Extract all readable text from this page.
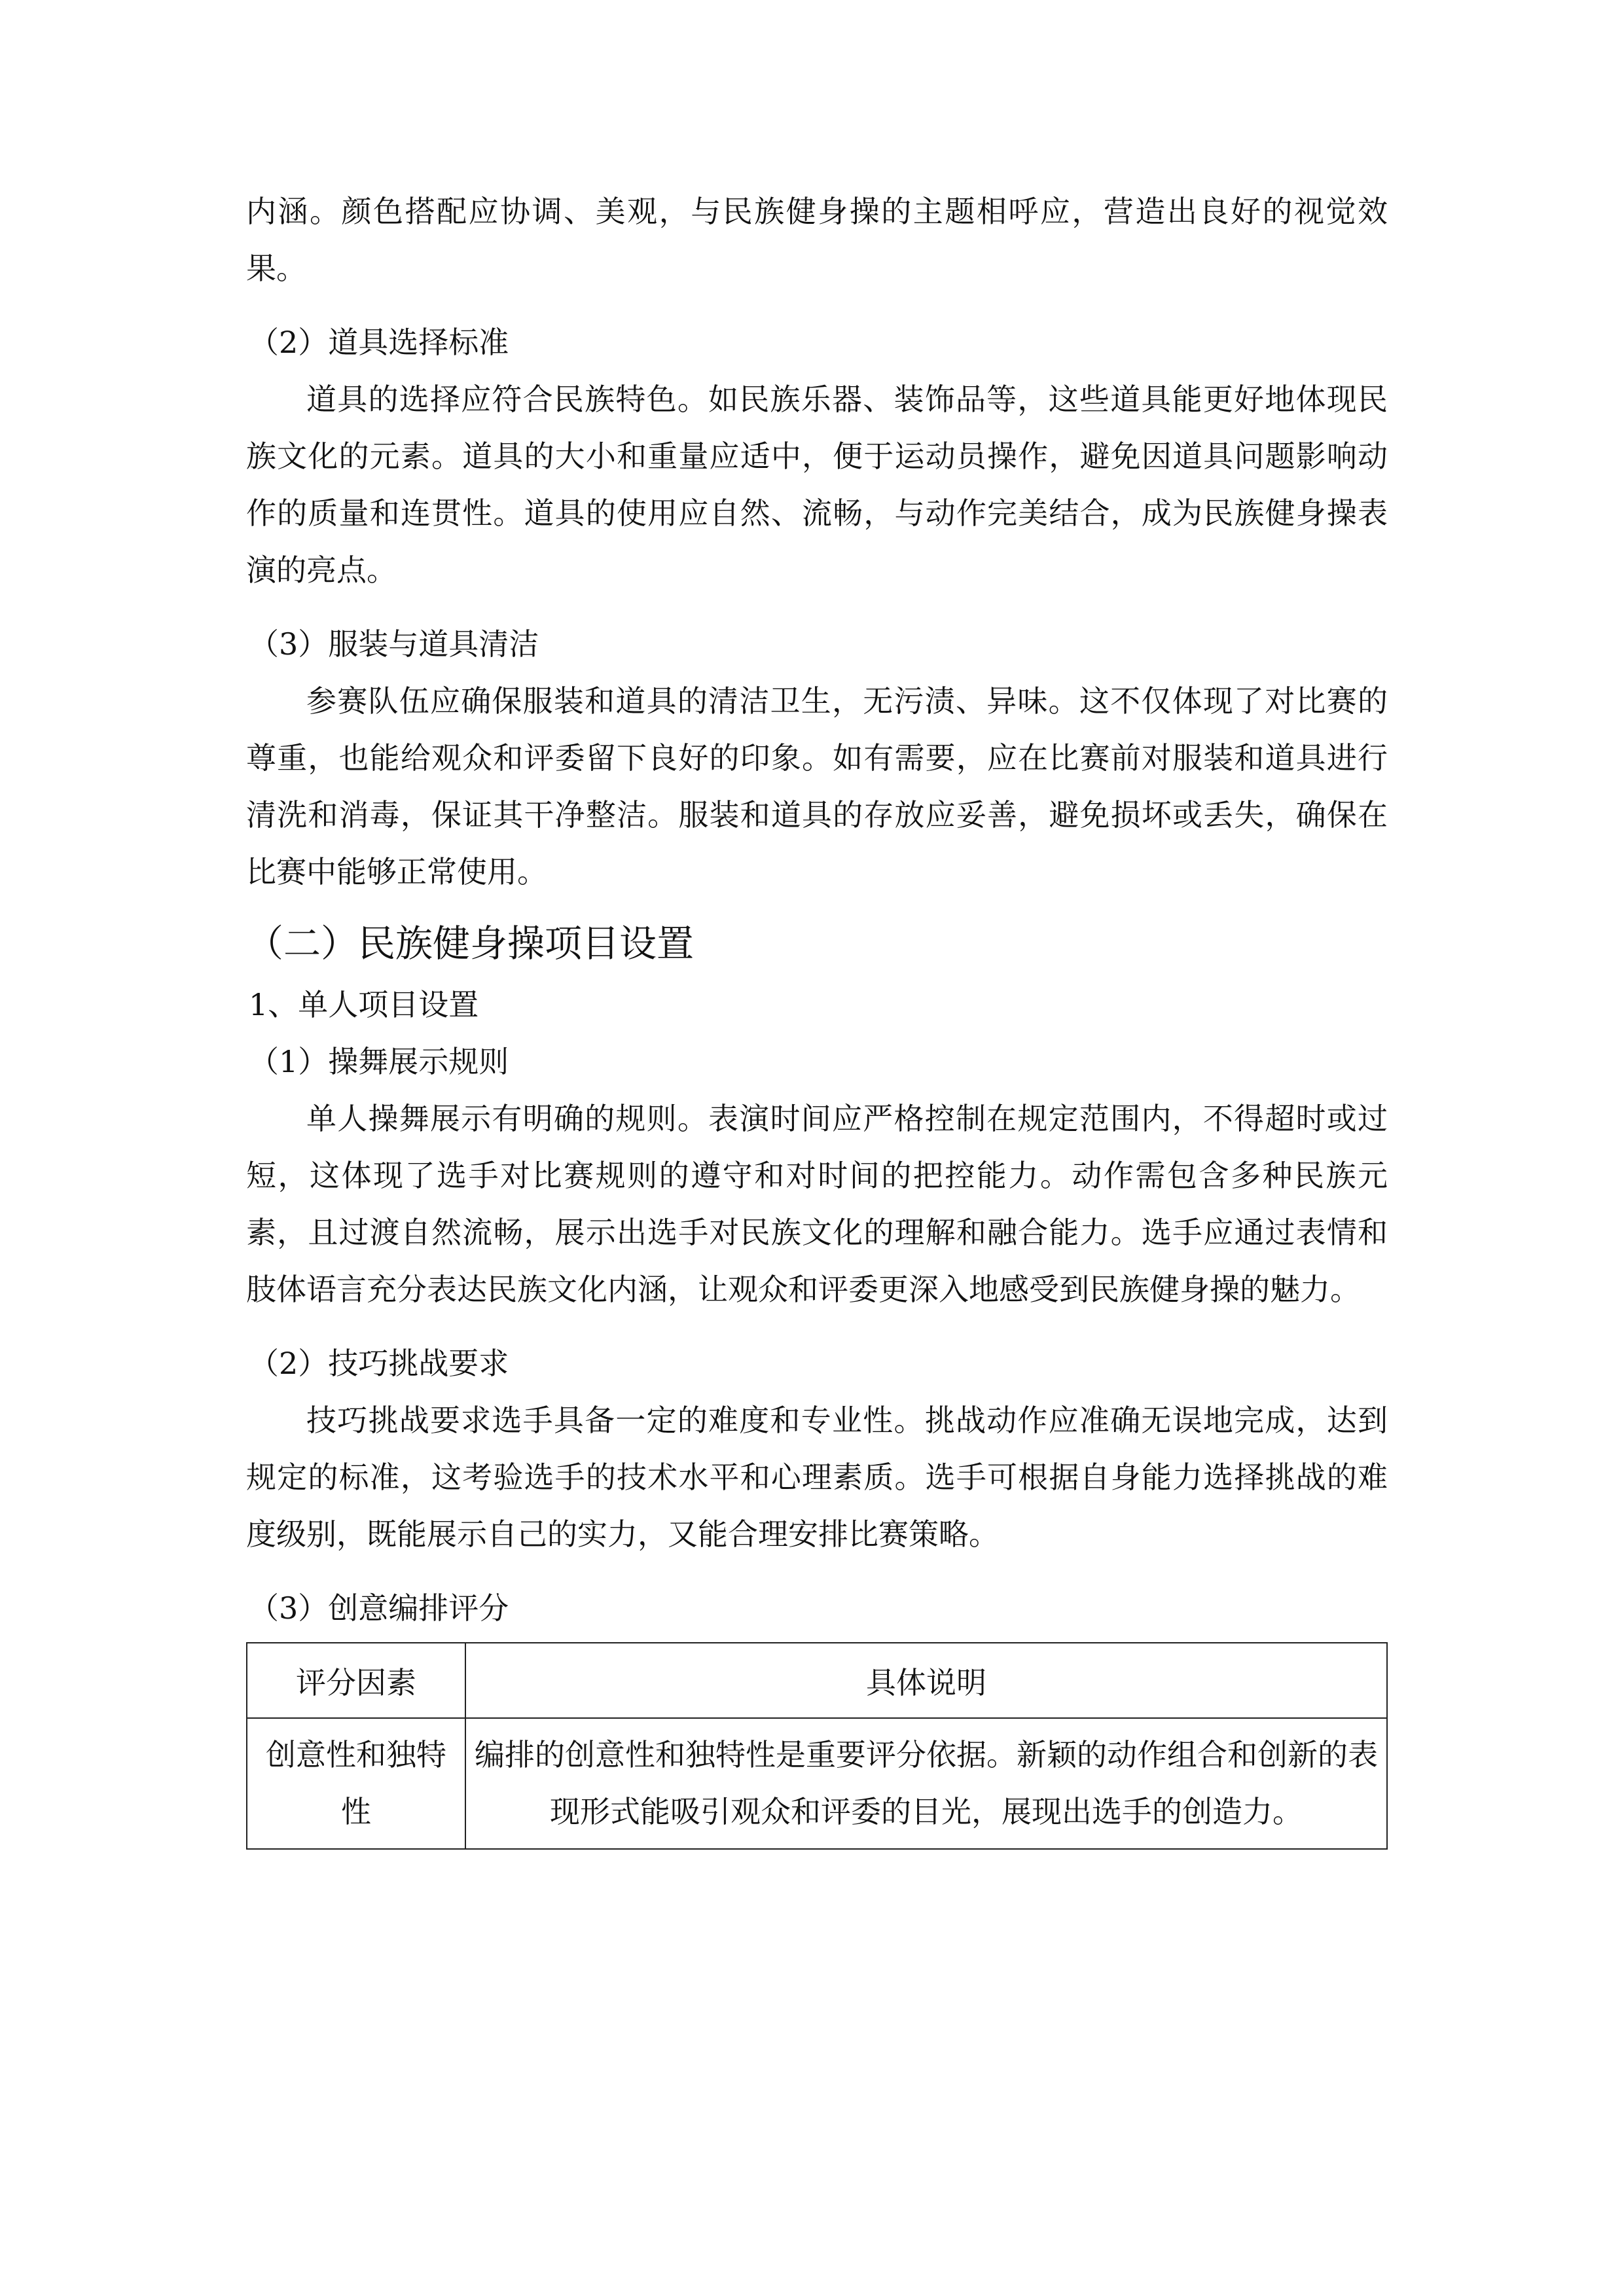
内涵。颜色搭配应协调、美观，与民族健身操的主题相呼应，营造出良好的视觉效果。

（2）道具选择标准

道具的选择应符合民族特色。如民族乐器、装饰品等，这些道具能更好地体现民族文化的元素。道具的大小和重量应适中，便于运动员操作，避免因道具问题影响动作的质量和连贯性。道具的使用应自然、流畅，与动作完美结合，成为民族健身操表演的亮点。

（3）服装与道具清洁

参赛队伍应确保服装和道具的清洁卫生，无污渍、异味。这不仅体现了对比赛的尊重，也能给观众和评委留下良好的印象。如有需要，应在比赛前对服装和道具进行清洗和消毒，保证其干净整洁。服装和道具的存放应妥善，避免损坏或丢失，确保在比赛中能够正常使用。

（二）民族健身操项目设置

1、单人项目设置

（1）操舞展示规则

单人操舞展示有明确的规则。表演时间应严格控制在规定范围内，不得超时或过短，这体现了选手对比赛规则的遵守和对时间的把控能力。动作需包含多种民族元素，且过渡自然流畅，展示出选手对民族文化的理解和融合能力。选手应通过表情和肢体语言充分表达民族文化内涵，让观众和评委更深入地感受到民族健身操的魅力。

（2）技巧挑战要求

技巧挑战要求选手具备一定的难度和专业性。挑战动作应准确无误地完成，达到规定的标准，这考验选手的技术水平和心理素质。选手可根据自身能力选择挑战的难度级别，既能展示自己的实力，又能合理安排比赛策略。

（3）创意编排评分

评分因素	具体说明
创意性和独特性	编排的创意性和独特性是重要评分依据。新颖的动作组合和创新的表现形式能吸引观众和评委的目光，展现出选手的创造力。
